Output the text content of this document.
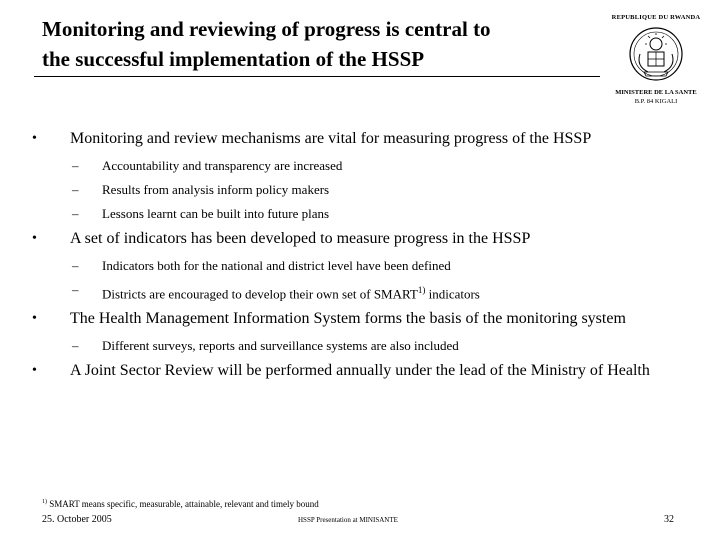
Monitoring and reviewing of progress is central to
the successful implementation of the HSSP
REPUBLIQUE DU RWANDA
MINISTERE DE LA SANTE
B.P. 84 KIGALI
• Monitoring and review mechanisms are vital for measuring progress of the HSSP
– Accountability and transparency are increased
– Results from analysis inform policy makers
– Lessons learnt can be built into future plans
• A set of indicators has been developed to measure progress in the HSSP
– Indicators both for the national and district level have been defined
– Districts are encouraged to develop their own set of SMART$^{1)}$ indicators
• The Health Management Information System forms the basis of the monitoring system
– Different surveys, reports and surveillance systems are also included
• A Joint Sector Review will be performed annually under the lead of the Ministry of Health
$^{1)}$ SMART means specific, measurable, attainable, relevant and timely bound
25. October 2005	HSSP Presentation at MINISANTE	32
